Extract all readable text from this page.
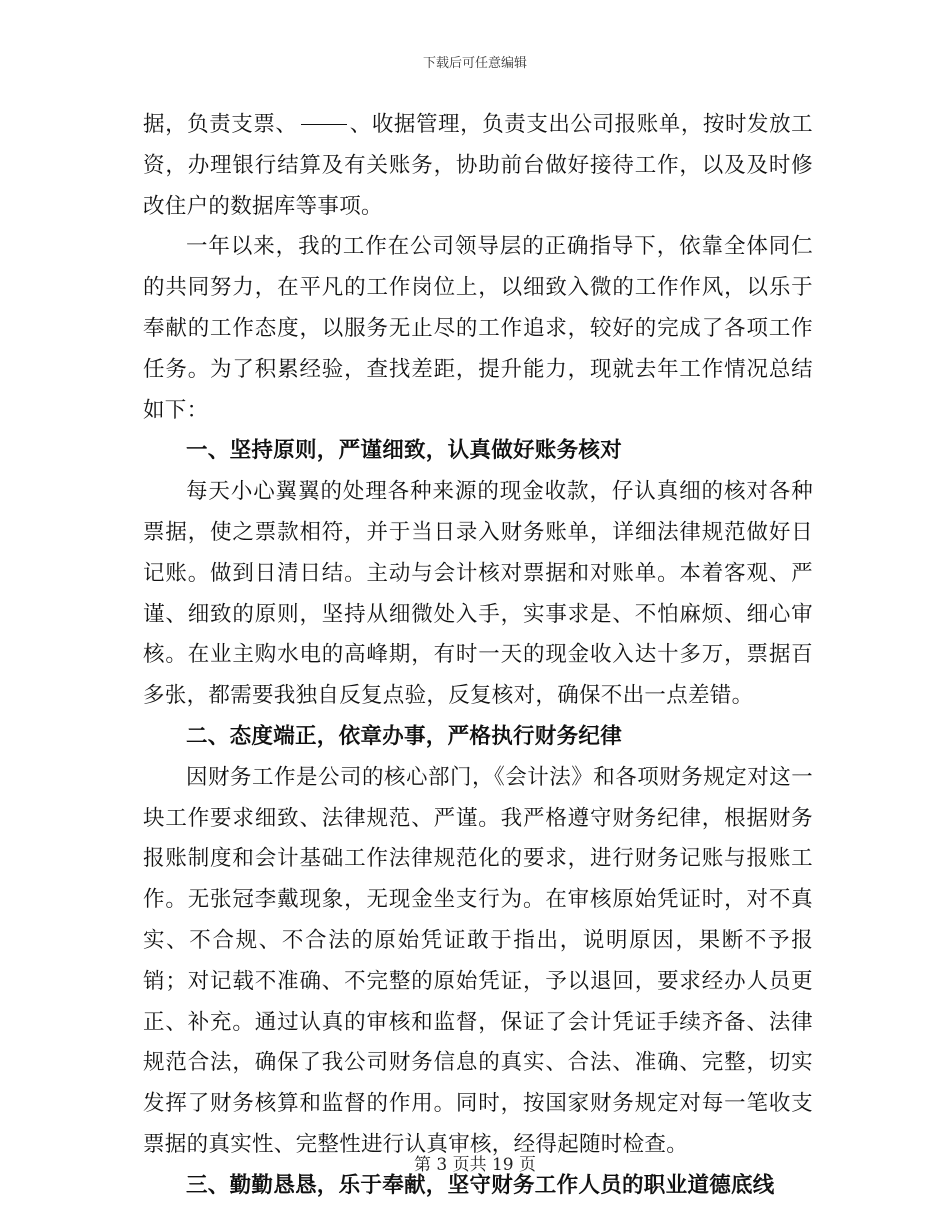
下载后可任意编辑

据，负责支票、 、收据管理，负责支出公司报账单，按时发放工资，办理银行结算及有关账务，协助前台做好接待工作，以及及时修改住户的数据库等事项。

一年以来，我的工作在公司领导层的正确指导下，依靠全体同仁的共同努力，在平凡的工作岗位上，以细致入微的工作作风，以乐于奉献的工作态度，以服务无止尽的工作追求，较好的完成了各项工作任务。为了积累经验，查找差距，提升能力，现就去年工作情况总结如下：

一、坚持原则，严谨细致，认真做好账务核对

每天小心翼翼的处理各种来源的现金收款，仔认真细的核对各种票据，使之票款相符，并于当日录入财务账单，详细法律规范做好日记账。做到日清日结。主动与会计核对票据和对账单。本着客观、严谨、细致的原则，坚持从细微处入手，实事求是、不怕麻烦、细心审核。在业主购水电的高峰期，有时一天的现金收入达十多万，票据百多张，都需要我独自反复点验，反复核对，确保不出一点差错。

二、态度端正，依章办事，严格执行财务纪律

因财务工作是公司的核心部门，《会计法》和各项财务规定对这一块工作要求细致、法律规范、严谨。我严格遵守财务纪律，根据财务报账制度和会计基础工作法律规范化的要求，进行财务记账与报账工作。无张冠李戴现象，无现金坐支行为。在审核原始凭证时，对不真实、不合规、不合法的原始凭证敢于指出，说明原因，果断不予报销；对记载不准确、不完整的原始凭证，予以退回，要求经办人员更正、补充。通过认真的审核和监督，保证了会计凭证手续齐备、法律规范合法，确保了我公司财务信息的真实、合法、准确、完整，切实发挥了财务核算和监督的作用。同时，按国家财务规定对每一笔收支票据的真实性、完整性进行认真审核，经得起随时检查。

三、勤勤恳恳，乐于奉献，坚守财务工作人员的职业道德底线
第 3 页共 19 页
